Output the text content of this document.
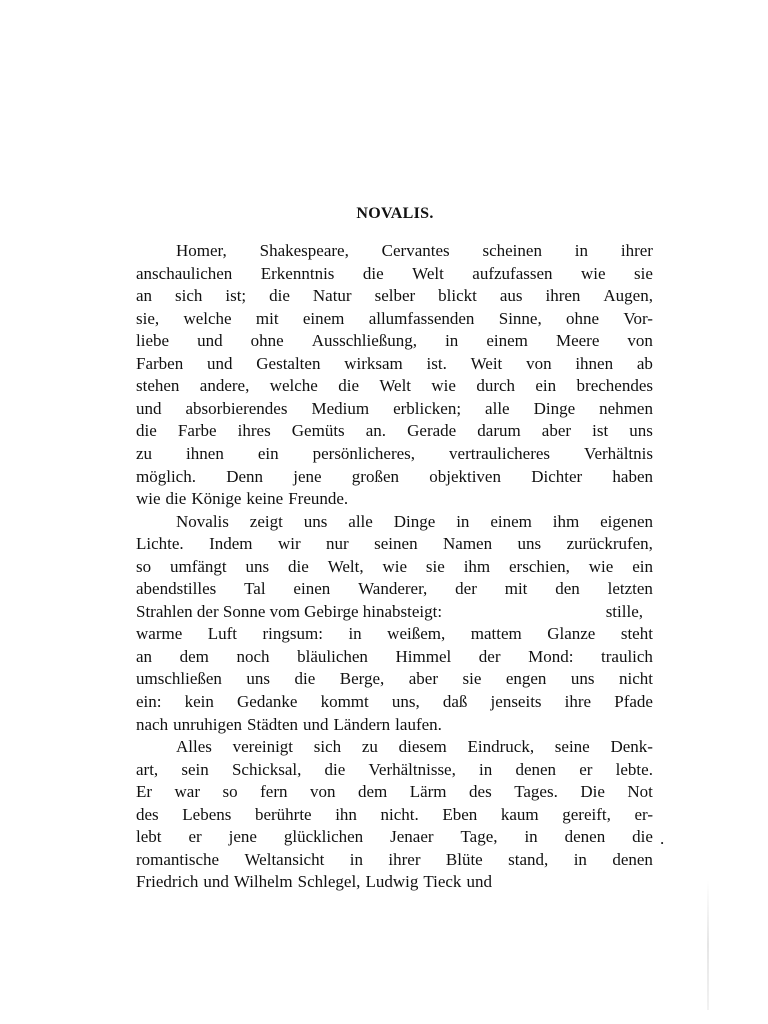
NOVALIS.
Homer, Shakespeare, Cervantes scheinen in ihrer
anschaulichen Erkenntnis die Welt aufzufassen wie sie
an sich ist; die Natur selber blickt aus ihren Augen,
sie, welche mit einem allumfassenden Sinne, ohne Vor-
liebe und ohne Ausschließung, in einem Meere von
Farben und Gestalten wirksam ist. Weit von ihnen ab
stehen andere, welche die Welt wie durch ein brechendes
und absorbierendes Medium erblicken; alle Dinge nehmen
die Farbe ihres Gemüts an. Gerade darum aber ist uns
zu ihnen ein persönlicheres, vertraulicheres Verhältnis
möglich. Denn jene großen objektiven Dichter haben
wie die Könige keine Freunde.
Novalis zeigt uns alle Dinge in einem ihm eigenen
Lichte. Indem wir nur seinen Namen uns zurückrufen,
so umfängt uns die Welt, wie sie ihm erschien, wie ein
abendstilles Tal einen Wanderer, der mit den letzten
Strahlen der Sonne vom Gebirge hinabsteigt:	stille,
warme Luft ringsum: in weißem, mattem Glanze steht
an dem noch bläulichen Himmel der Mond: traulich
umschließen uns die Berge, aber sie engen uns nicht
ein: kein Gedanke kommt uns, daß jenseits ihre Pfade
nach unruhigen Städten und Ländern laufen.
Alles vereinigt sich zu diesem Eindruck, seine Denk-
art, sein Schicksal, die Verhältnisse, in denen er lebte.
Er war so fern von dem Lärm des Tages. Die Not
des Lebens berührte ihn nicht. Eben kaum gereift, er-
lebt er jene glücklichen Jenaer Tage, in denen die
romantische Weltansicht in ihrer Blüte stand, in denen
Friedrich und Wilhelm Schlegel, Ludwig Tieck und
.
